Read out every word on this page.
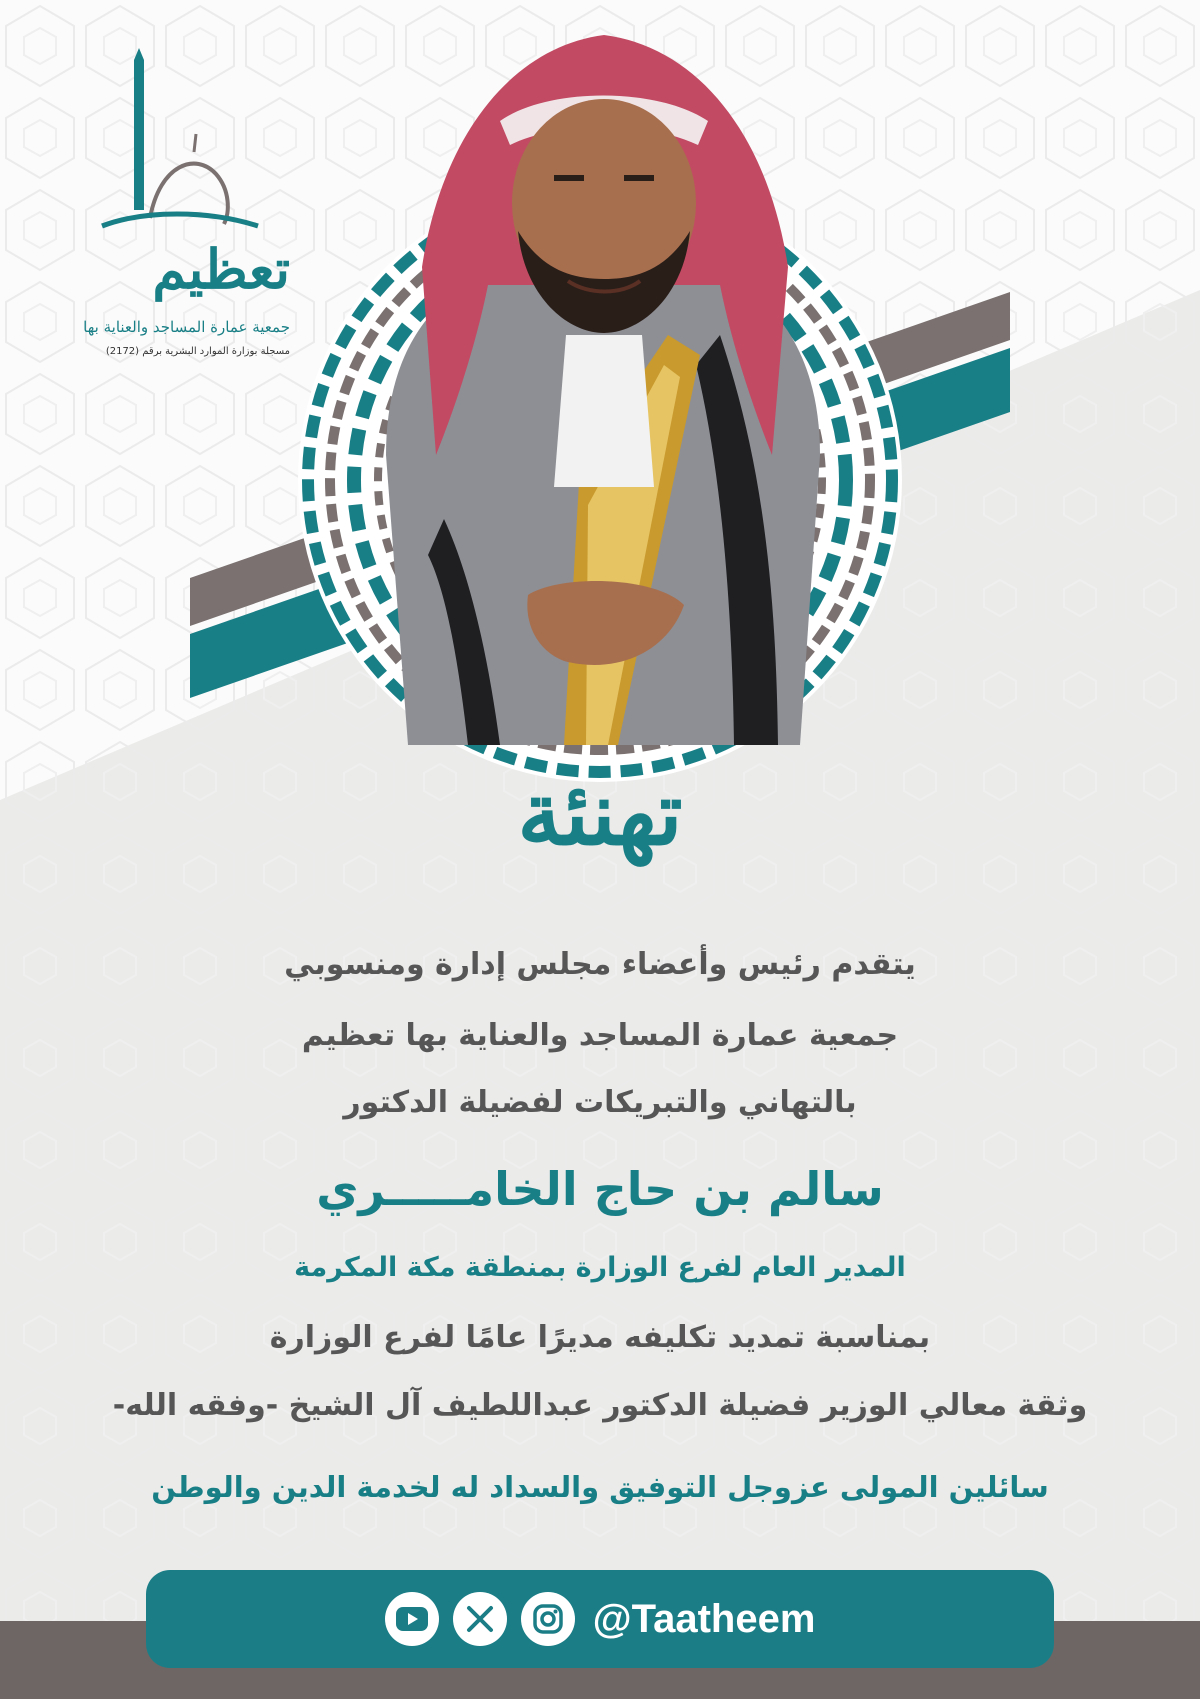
تعظيم
جمعية عمارة المساجد والعناية بها
مسجلة بوزارة الموارد البشرية برقم (2172)
تهنئة
يتقدم رئيس وأعضاء مجلس إدارة ومنسوبي
جمعية عمارة المساجد والعناية بها تعظيم
بالتهاني والتبريكات لفضيلة الدكتور
سالم بن حاج الخامـــــري
المدير العام لفرع الوزارة بمنطقة مكة المكرمة
بمناسبة تمديد تكليفه مديرًا عامًا لفرع الوزارة
وثقة معالي الوزير فضيلة الدكتور عبداللطيف آل الشيخ -وفقه الله-
سائلين المولى عزوجل التوفيق والسداد له لخدمة الدين والوطن
@Taatheem
